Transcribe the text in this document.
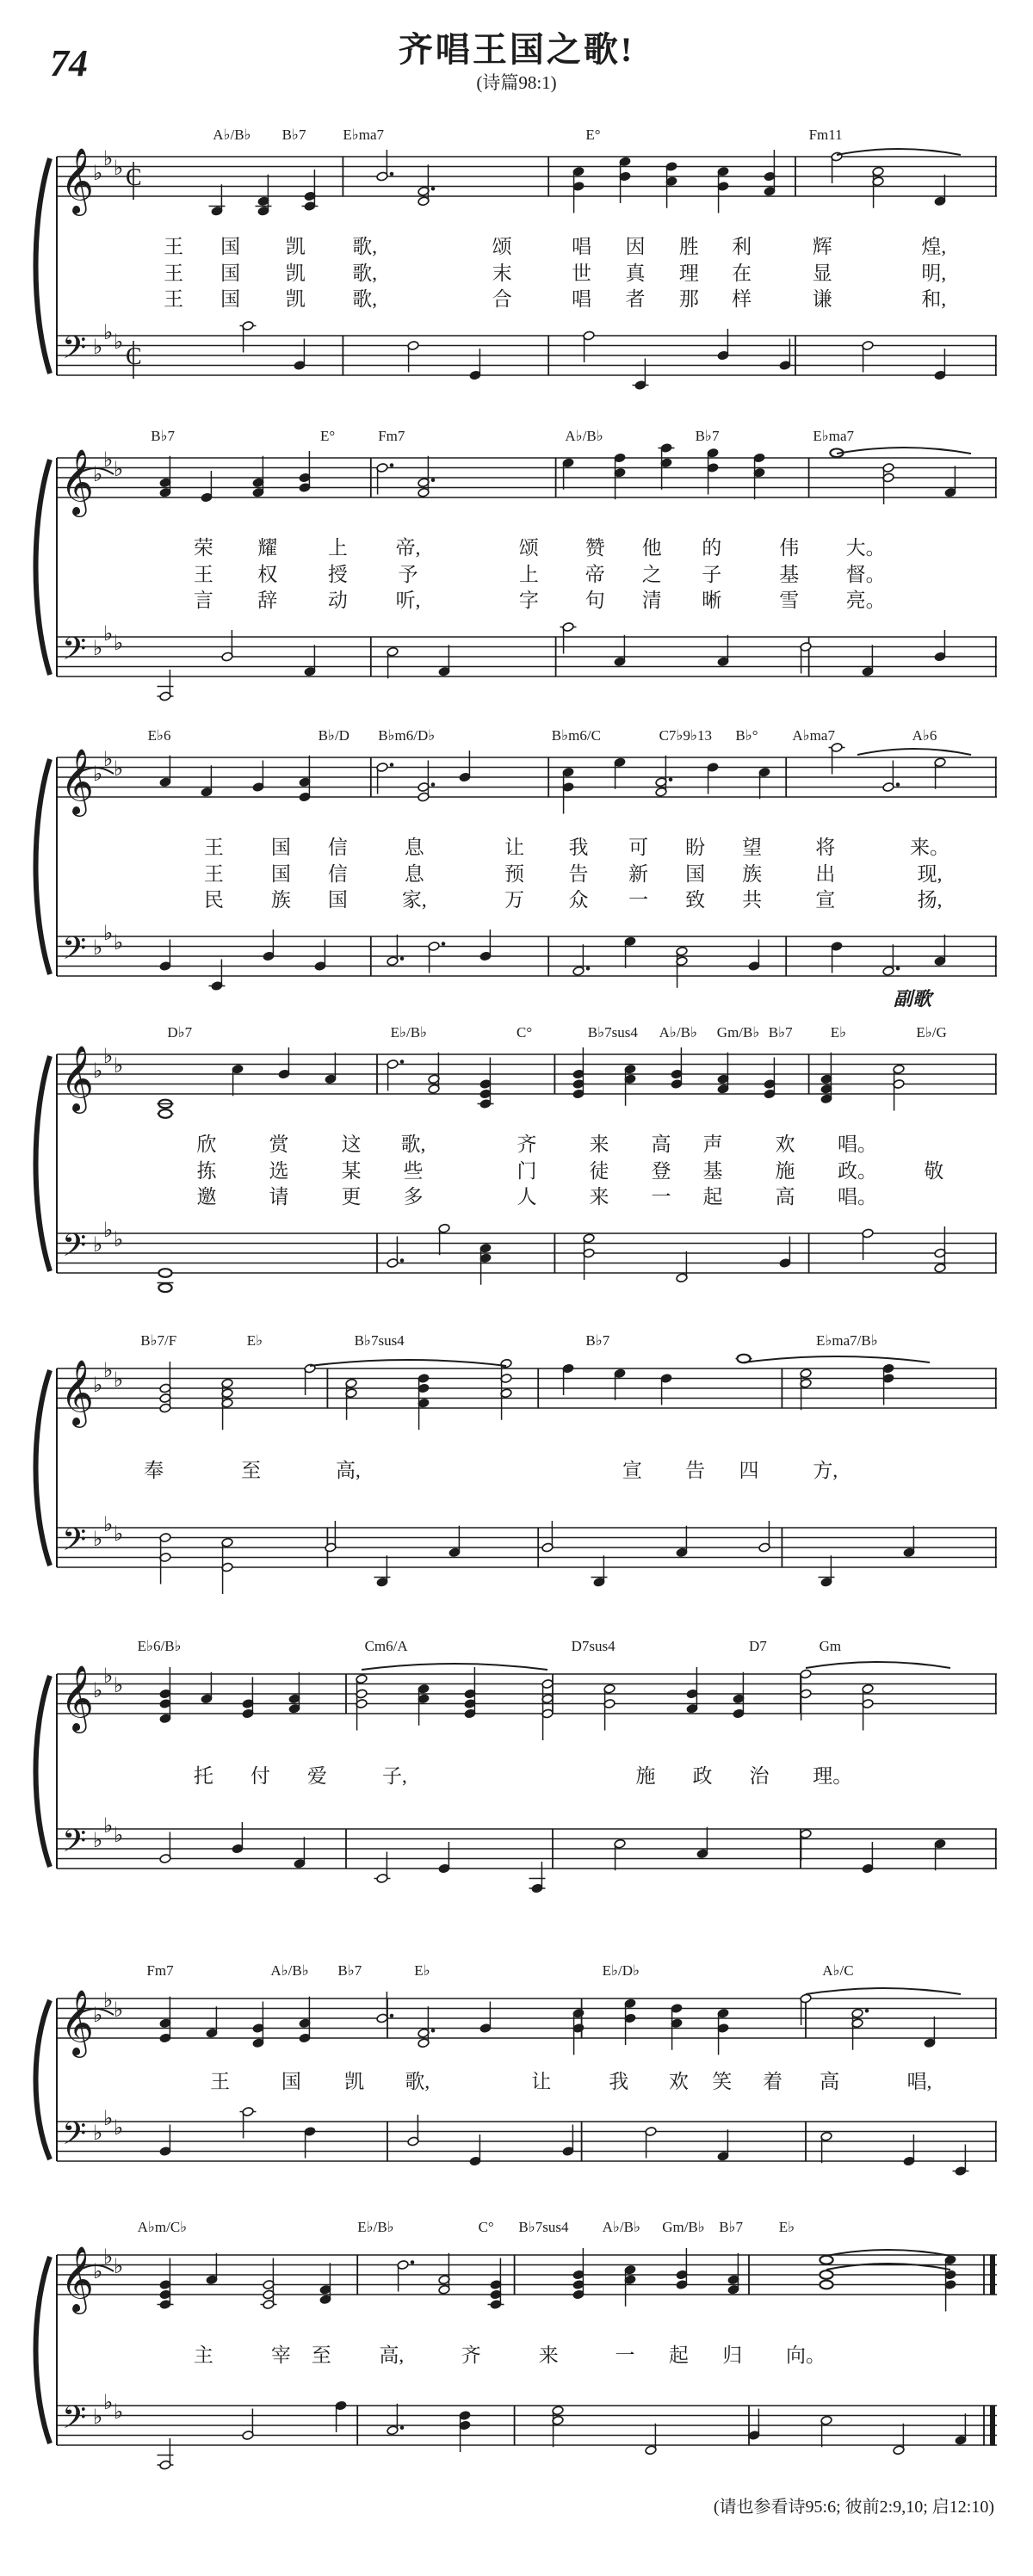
74	齐唱王国之歌!
(诗篇98:1)
副歌
(请也参看诗95:6; 彼前2:9,10; 启12:10)
A♭/B♭ B♭7	E♭ma7	E°	Fm11
王 国 凯 歌,	颂	唱 因 胜 利	辉	煌,
王 国 凯 歌,	末	世 真 理 在	显	明,
王 国 凯 歌,	合	唱 者 那 样	谦	和,
𝄞
♭
♭ ♭ C
𝄢 ♭
♭ ♭
C
B♭7	E°	Fm7	A♭/B♭	B♭7	E♭ma7
荣 耀	上 帝,	颂 赞 他 的	伟 大。
王 权	授	予	上 帝 之 子	基 督。
言 辞	动 听,	字 句 清 晰	雪 亮。
𝄞
♭
♭ ♭
𝄢 ♭
♭ ♭
E♭6	B♭/D B♭m6/D♭	B♭m6/C	C7♭9♭13 B♭° A♭ma7	A♭6
王 国 信	息	让 我 可 盼 望	将	来。
王 国 信	息	预 告 新 国 族	出	现,
民 族 国	家,	万 众 一 致 共	宣	扬,
𝄞
♭
♭ ♭
𝄢 ♭
♭ ♭
D♭7	E♭/B♭	C°	B♭7sus4 A♭/B♭ Gm/B♭ B♭7	E♭	E♭/G
欣	赏	这 歌,	齐	来 高 声	欢 唱。
拣	选	某 些	门	徒 登 基	施 政。 敬
邀	请	更 多	人	来 一 起	高 唱。
𝄞
♭
♭ ♭
𝄢 ♭
♭ ♭
B♭7/F	E♭	B♭7sus4	B♭7	E♭ma7/B♭
奉	至	高,	宣 告 四	方,
𝄞
♭
♭ ♭
𝄢 ♭
♭ ♭
E♭6/B♭	Cm6/A	D7sus4	D7	Gm
托 付 爱	子,	施 政 治 理。
𝄞
♭
♭ ♭
𝄢 ♭
♭ ♭
Fm7	A♭/B♭ B♭7	E♭	E♭/D♭	A♭/C
王	国 凯 歌,	让	我 欢 笑 着 高	唱,
𝄞
♭
♭ ♭
𝄢 ♭
♭ ♭
A♭m/C♭	E♭/B♭	C° B♭7sus4 A♭/B♭ Gm/B♭ B♭7 E♭
主	宰 至 高,	齐	来	一 起 归 向。
𝄞
♭
♭ ♭
𝄢 ♭
♭ ♭
